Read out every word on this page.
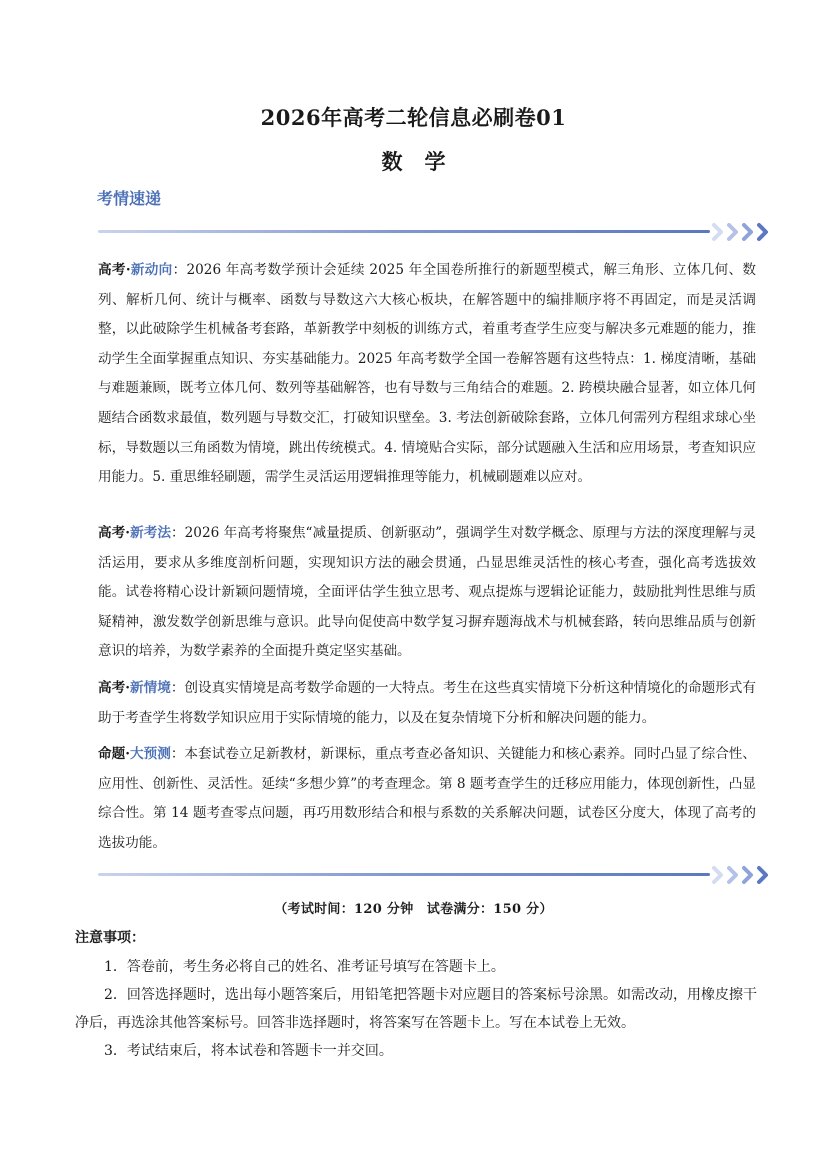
2026年高考二轮信息必刷卷01
数学
考情速递

高考·新动向：2026 年高考数学预计会延续 2025 年全国卷所推行的新题型模式，解三角形、立体几何、数列、解析几何、统计与概率、函数与导数这六大核心板块，在解答题中的编排顺序将不再固定，而是灵活调整，以此破除学生机械备考套路，革新教学中刻板的训练方式，着重考查学生应变与解决多元难题的能力，推动学生全面掌握重点知识、夯实基础能力。2025 年高考数学全国一卷解答题有这些特点：1. 梯度清晰，基础与难题兼顾，既考立体几何、数列等基础解答，也有导数与三角结合的难题。2. 跨模块融合显著，如立体几何题结合函数求最值，数列题与导数交汇，打破知识壁垒。3. 考法创新破除套路，立体几何需列方程组求球心坐标，导数题以三角函数为情境，跳出传统模式。4. 情境贴合实际，部分试题融入生活和应用场景，考查知识应用能力。5. 重思维轻刷题，需学生灵活运用逻辑推理等能力，机械刷题难以应对。

高考·新考法：2026 年高考将聚焦“减量提质、创新驱动”，强调学生对数学概念、原理与方法的深度理解与灵活运用，要求从多维度剖析问题，实现知识方法的融会贯通，凸显思维灵活性的核心考查，强化高考选拔效能。试卷将精心设计新颖问题情境，全面评估学生独立思考、观点提炼与逻辑论证能力，鼓励批判性思维与质疑精神，激发数学创新思维与意识。此导向促使高中数学复习摒弃题海战术与机械套路，转向思维品质与创新意识的培养，为数学素养的全面提升奠定坚实基础。

高考·新情境：创设真实情境是高考数学命题的一大特点。考生在这些真实情境下分析这种情境化的命题形式有助于考查学生将数学知识应用于实际情境的能力，以及在复杂情境下分析和解决问题的能力。

命题·大预测：本套试卷立足新教材，新课标，重点考查必备知识、关键能力和核心素养。同时凸显了综合性、应用性、创新性、灵活性。延续“多想少算”的考查理念。第 8 题考查学生的迁移应用能力，体现创新性，凸显综合性。第 14 题考查零点问题，再巧用数形结合和根与系数的关系解决问题，试卷区分度大，体现了高考的选拔功能。

（考试时间：120 分钟　试卷满分：150 分）

注意事项：

1．答卷前，考生务必将自己的姓名、准考证号填写在答题卡上。

2．回答选择题时，选出每小题答案后，用铅笔把答题卡对应题目的答案标号涂黑。如需改动，用橡皮擦干净后，再选涂其他答案标号。回答非选择题时，将答案写在答题卡上。写在本试卷上无效。

3．考试结束后，将本试卷和答题卡一并交回。
